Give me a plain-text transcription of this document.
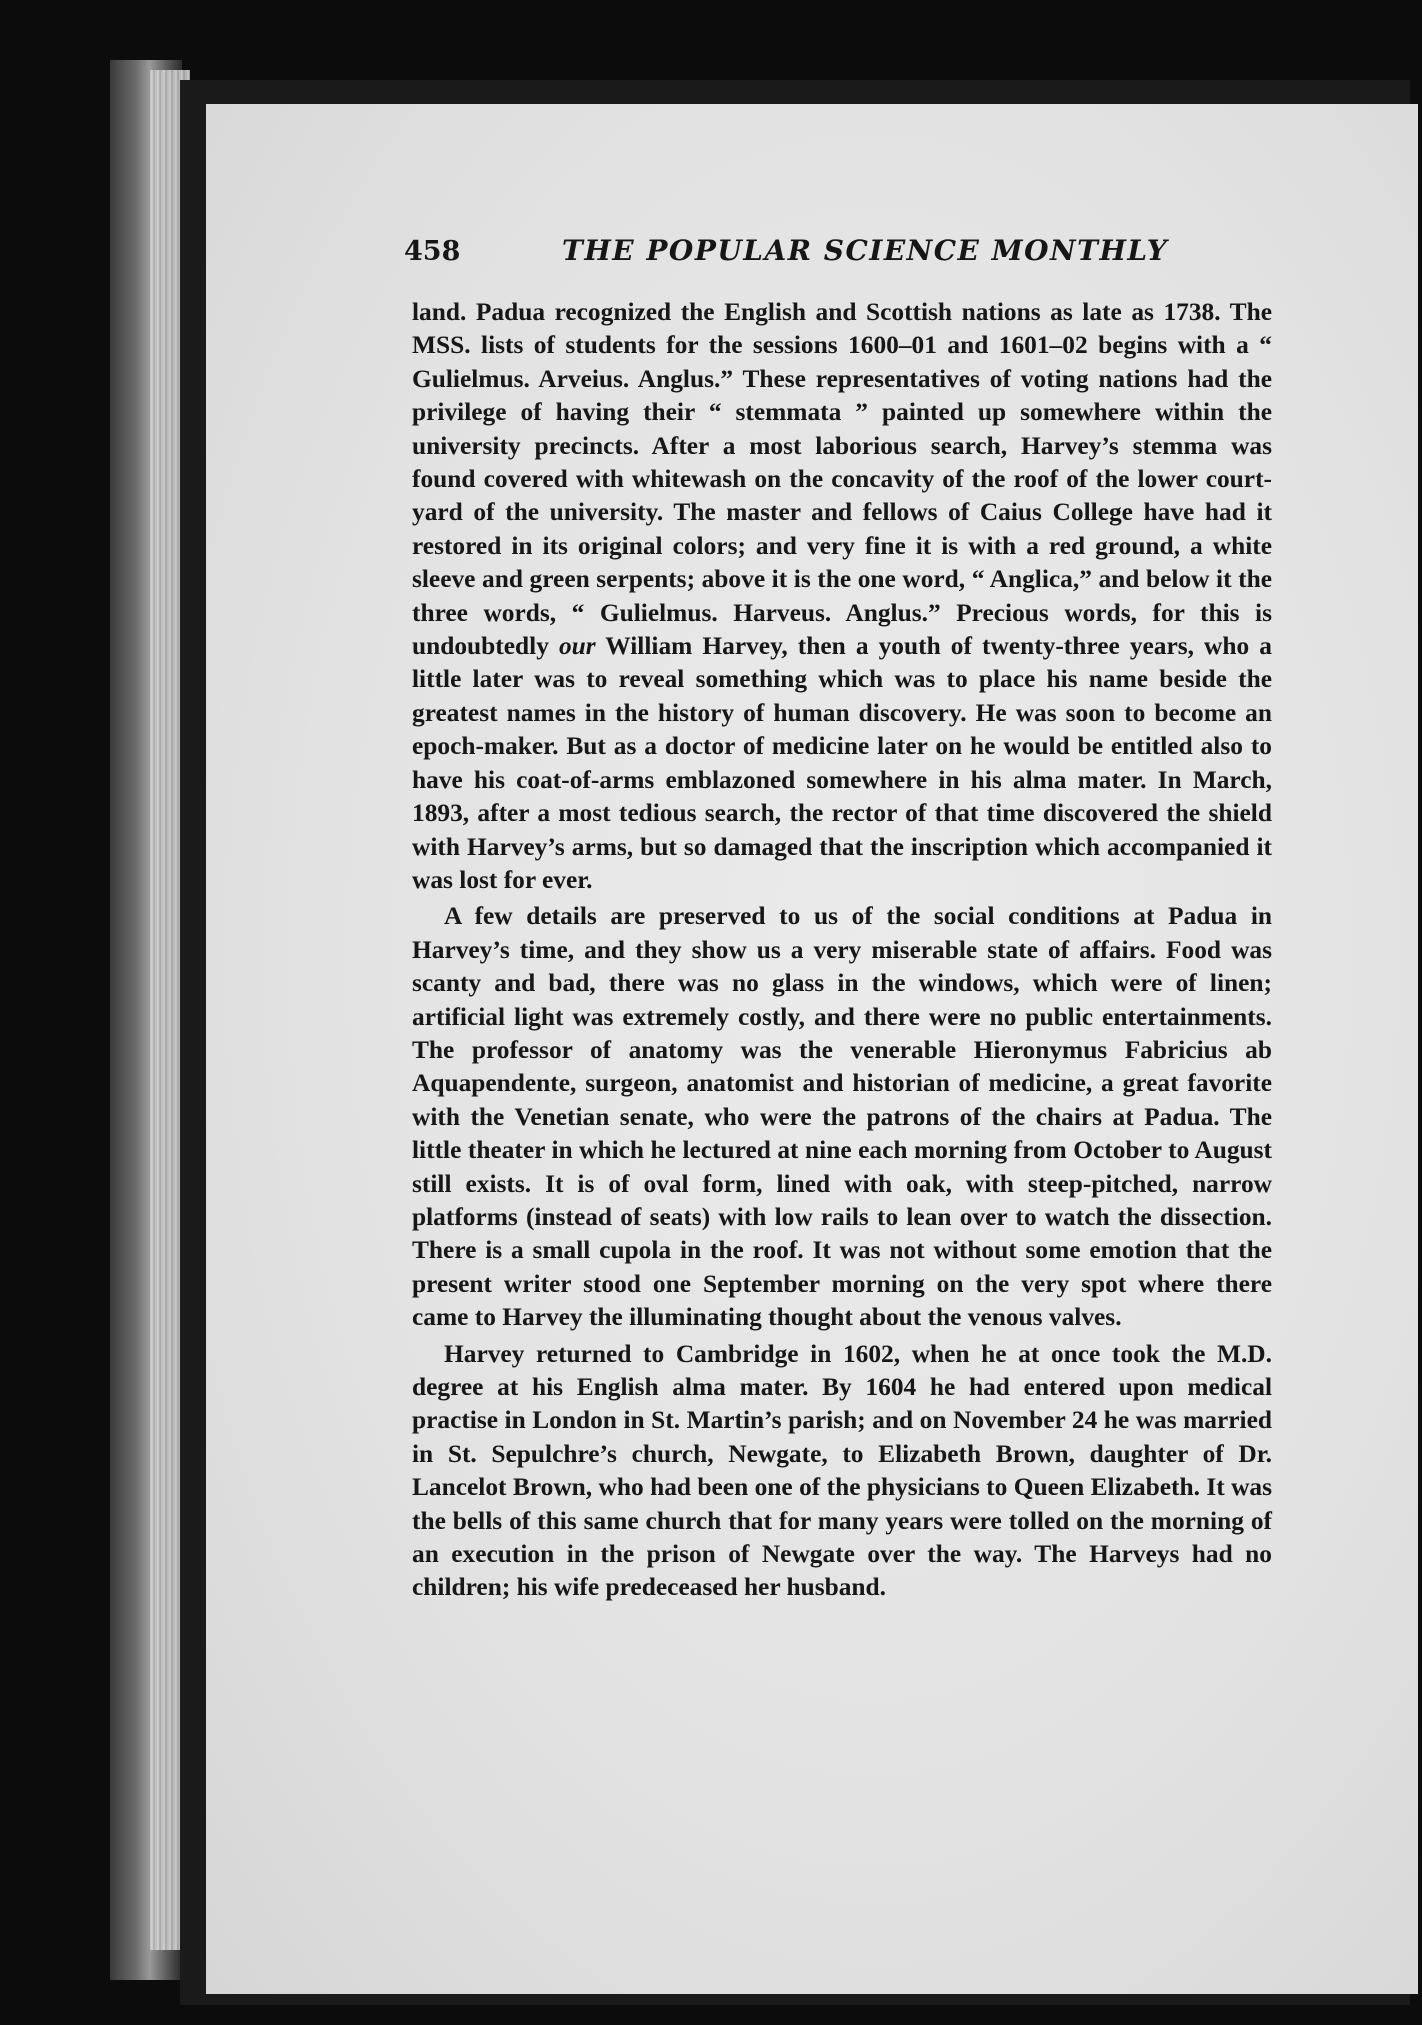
458	THE POPULAR SCIENCE MONTHLY

land. Padua recognized the English and Scottish nations as late as 1738. The MSS. lists of students for the sessions 1600–01 and 1601–02 begins with a “ Gulielmus. Arveius. Anglus.” These representatives of voting nations had the privilege of having their “ stemmata ” painted up somewhere within the university precincts. After a most laborious search, Harvey’s stemma was found covered with whitewash on the concavity of the roof of the lower court-yard of the university. The master and fellows of Caius College have had it restored in its original colors; and very fine it is with a red ground, a white sleeve and green serpents; above it is the one word, “ Anglica,” and below it the three words, “ Gulielmus. Harveus. Anglus.” Precious words, for this is undoubtedly our William Harvey, then a youth of twenty-three years, who a little later was to reveal something which was to place his name beside the greatest names in the history of human discovery. He was soon to become an epoch-maker. But as a doctor of medicine later on he would be entitled also to have his coat-of-arms emblazoned somewhere in his alma mater. In March, 1893, after a most tedious search, the rector of that time discovered the shield with Harvey’s arms, but so damaged that the inscription which accompanied it was lost for ever.

A few details are preserved to us of the social conditions at Padua in Harvey’s time, and they show us a very miserable state of affairs. Food was scanty and bad, there was no glass in the windows, which were of linen; artificial light was extremely costly, and there were no public entertainments. The professor of anatomy was the venerable Hieronymus Fabricius ab Aquapendente, surgeon, anatomist and historian of medicine, a great favorite with the Venetian senate, who were the patrons of the chairs at Padua. The little theater in which he lectured at nine each morning from October to August still exists. It is of oval form, lined with oak, with steep-pitched, narrow platforms (instead of seats) with low rails to lean over to watch the dissection. There is a small cupola in the roof. It was not without some emotion that the present writer stood one September morning on the very spot where there came to Harvey the illuminating thought about the venous valves.

Harvey returned to Cambridge in 1602, when he at once took the M.D. degree at his English alma mater. By 1604 he had entered upon medical practise in London in St. Martin’s parish; and on November 24 he was married in St. Sepulchre’s church, Newgate, to Elizabeth Brown, daughter of Dr. Lancelot Brown, who had been one of the physicians to Queen Elizabeth. It was the bells of this same church that for many years were tolled on the morning of an execution in the prison of Newgate over the way. The Harveys had no children; his wife predeceased her husband.
